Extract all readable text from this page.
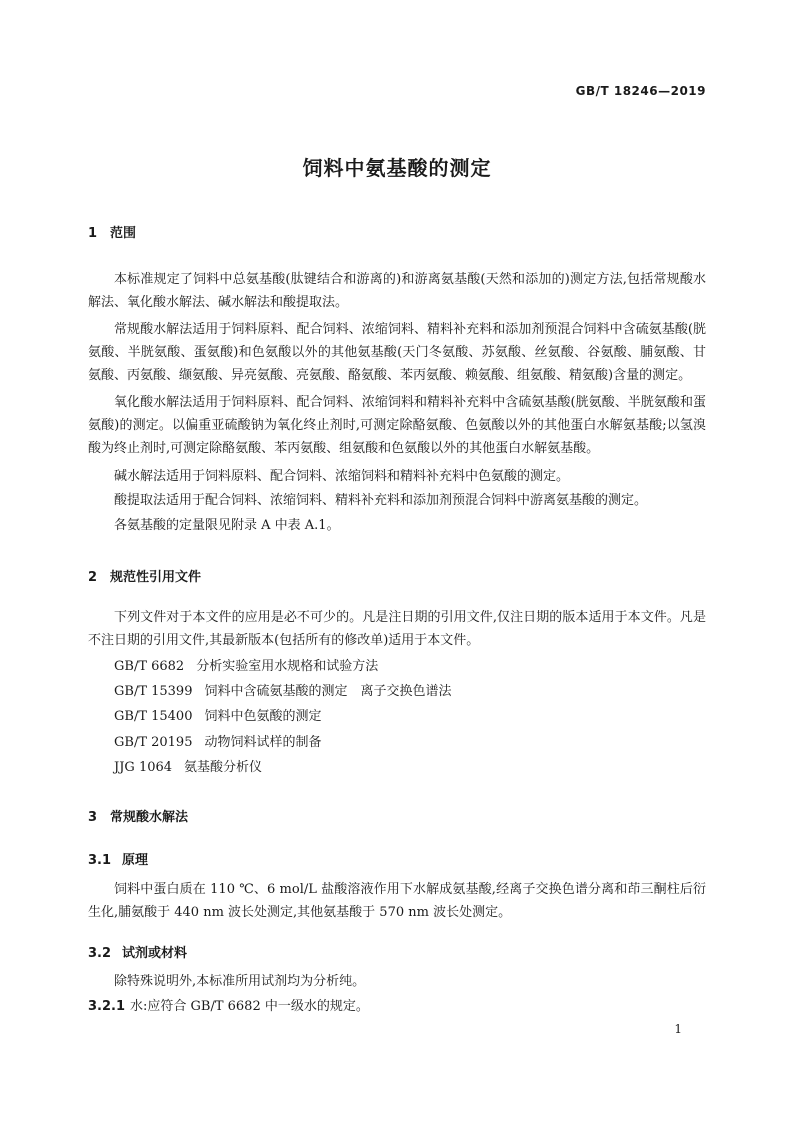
GB/T 18246—2019
饲料中氨基酸的测定
1 范围

本标准规定了饲料中总氨基酸(肽键结合和游离的)和游离氨基酸(天然和添加的)测定方法,包括常规酸水解法、氧化酸水解法、碱水解法和酸提取法。

常规酸水解法适用于饲料原料、配合饲料、浓缩饲料、精料补充料和添加剂预混合饲料中含硫氨基酸(胱氨酸、半胱氨酸、蛋氨酸)和色氨酸以外的其他氨基酸(天门冬氨酸、苏氨酸、丝氨酸、谷氨酸、脯氨酸、甘氨酸、丙氨酸、缬氨酸、异亮氨酸、亮氨酸、酪氨酸、苯丙氨酸、赖氨酸、组氨酸、精氨酸)含量的测定。

氧化酸水解法适用于饲料原料、配合饲料、浓缩饲料和精料补充料中含硫氨基酸(胱氨酸、半胱氨酸和蛋氨酸)的测定。以偏重亚硫酸钠为氧化终止剂时,可测定除酪氨酸、色氨酸以外的其他蛋白水解氨基酸;以氢溴酸为终止剂时,可测定除酪氨酸、苯丙氨酸、组氨酸和色氨酸以外的其他蛋白水解氨基酸。

碱水解法适用于饲料原料、配合饲料、浓缩饲料和精料补充料中色氨酸的测定。

酸提取法适用于配合饲料、浓缩饲料、精料补充料和添加剂预混合饲料中游离氨基酸的测定。

各氨基酸的定量限见附录 A 中表 A.1。

2 规范性引用文件

下列文件对于本文件的应用是必不可少的。凡是注日期的引用文件,仅注日期的版本适用于本文件。凡是不注日期的引用文件,其最新版本(包括所有的修改单)适用于本文件。

GB/T 6682 分析实验室用水规格和试验方法

GB/T 15399 饲料中含硫氨基酸的测定　离子交换色谱法

GB/T 15400 饲料中色氨酸的测定

GB/T 20195 动物饲料试样的制备

JJG 1064 氨基酸分析仪

3 常规酸水解法
3.1 原理

饲料中蛋白质在 110 ℃、6 mol/L 盐酸溶液作用下水解成氨基酸,经离子交换色谱分离和茚三酮柱后衍生化,脯氨酸于 440 nm 波长处测定,其他氨基酸于 570 nm 波长处测定。

3.2 试剂或材料

除特殊说明外,本标准所用试剂均为分析纯。

3.2.1 水:应符合 GB/T 6682 中一级水的规定。

1
